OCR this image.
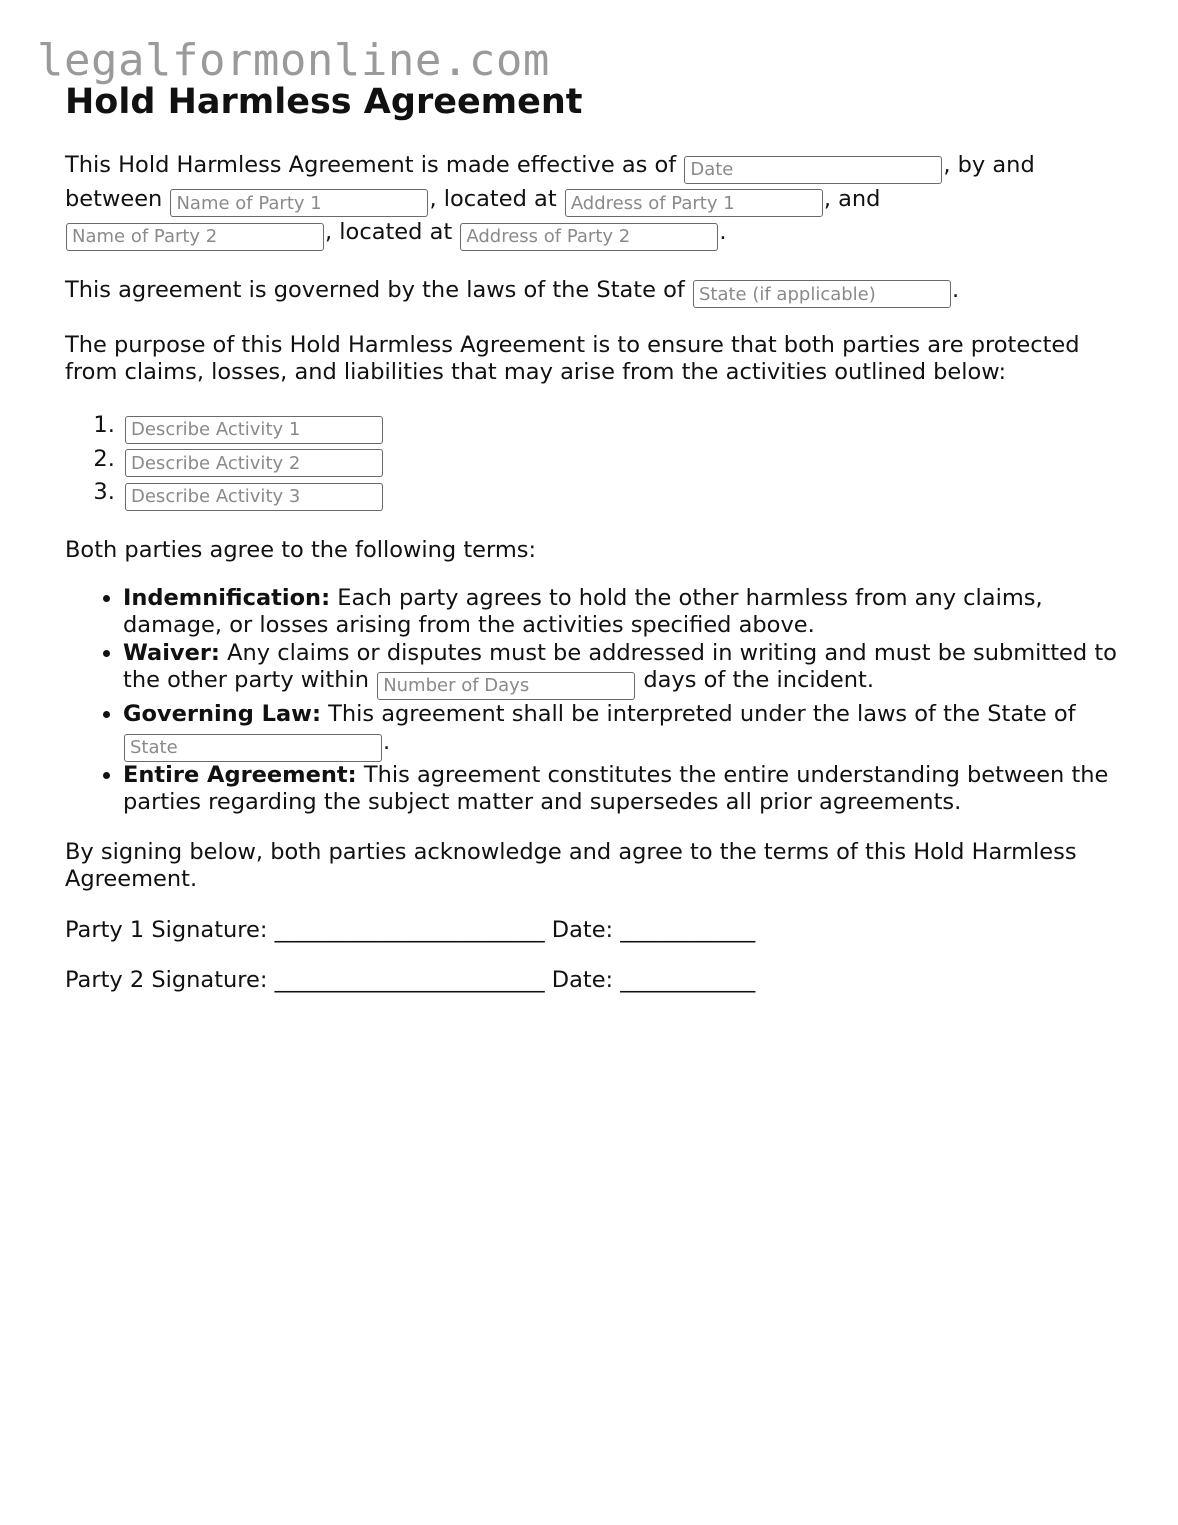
legalformonline.com
Hold Harmless Agreement

This Hold Harmless Agreement is made effective as of Date	, by and between Name of Party 1	, located at Address of Party 1	, and Name of Party 2, located at Address of Party 2	.

This agreement is governed by the laws of the State of State (if applicable)	.

The purpose of this Hold Harmless Agreement is to ensure that both parties are protected from claims, losses, and liabilities that may arise from the activities outlined below:

1. Describe Activity 1
2. Describe Activity 2
3. Describe Activity 3

Both parties agree to the following terms:

• Indemnification: Each party agrees to hold the other harmless from any claims, damage, or losses arising from the activities specified above.
• Waiver: Any claims or disputes must be addressed in writing and must be submitted to the other party within Number of Days	days of the incident.
• Governing Law: This agreement shall be interpreted under the laws of the State of State.
• Entire Agreement: This agreement constitutes the entire understanding between the parties regarding the subject matter and supersedes all prior agreements.

By signing below, both parties acknowledge and agree to the terms of this Hold Harmless Agreement.

Party 1 Signature: ________________________ Date: ____________

Party 2 Signature: ________________________ Date: ____________
